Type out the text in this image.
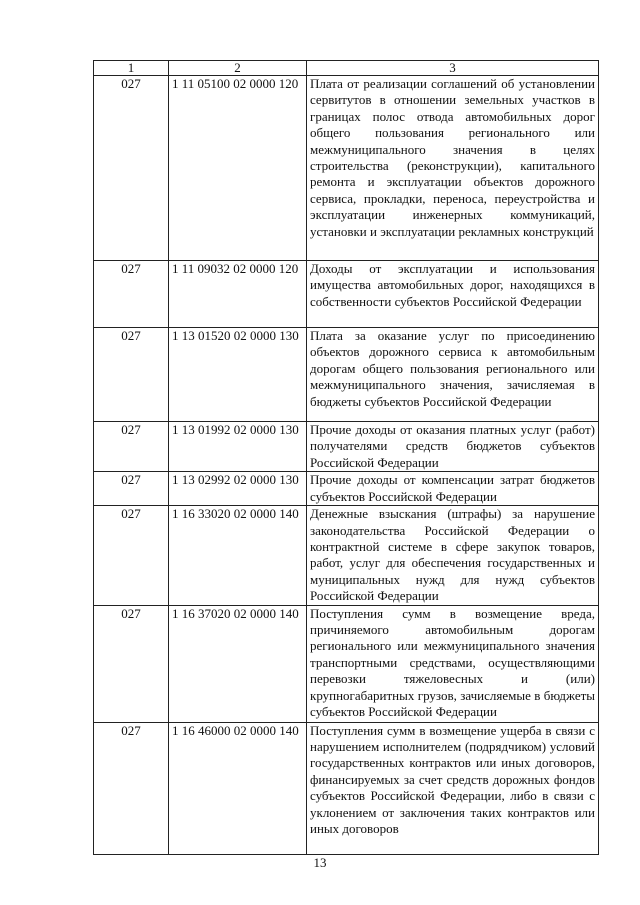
1	2	3
027	1 11 05100 02 0000 120	Плата от реализации соглашений об установлении сервитутов в отношении земельных участков в границах полос отвода автомобильных дорог общего пользования регионального или межмуниципального значения в целях строительства (реконструкции), капитального ремонта и эксплуатации объектов дорожного сервиса, прокладки, переноса, переустройства и эксплуатации инженерных коммуникаций, установки и эксплуатации рекламных конструкций
027	1 11 09032 02 0000 120	Доходы от эксплуатации и использования имущества автомобильных дорог, находящихся в собственности субъектов Российской Федерации
027	1 13 01520 02 0000 130	Плата за оказание услуг по присоединению объектов дорожного сервиса к автомобильным дорогам общего пользования регионального или межмуниципального значения, зачисляемая в бюджеты субъектов Российской Федерации
027	1 13 01992 02 0000 130	Прочие доходы от оказания платных услуг (работ) получателями средств бюджетов субъектов Российской Федерации
027	1 13 02992 02 0000 130	Прочие доходы от компенсации затрат бюджетов субъектов Российской Федерации
027	1 16 33020 02 0000 140	Денежные взыскания (штрафы) за нарушение законодательства Российской Федерации о контрактной системе в сфере закупок товаров, работ, услуг для обеспечения государственных и муниципальных нужд для нужд субъектов Российской Федерации
027	1 16 37020 02 0000 140	Поступления сумм в возмещение вреда, причиняемого автомобильным дорогам регионального или межмуниципального значения транспортными средствами, осуществляющими перевозки тяжеловесных и (или) крупногабаритных грузов, зачисляемые в бюджеты субъектов Российской Федерации
027	1 16 46000 02 0000 140	Поступления сумм в возмещение ущерба в связи с нарушением исполнителем (подрядчиком) условий государственных контрактов или иных договоров, финансируемых за счет средств дорожных фондов субъектов Российской Федерации, либо в связи с уклонением от заключения таких контрактов или иных договоров
13
